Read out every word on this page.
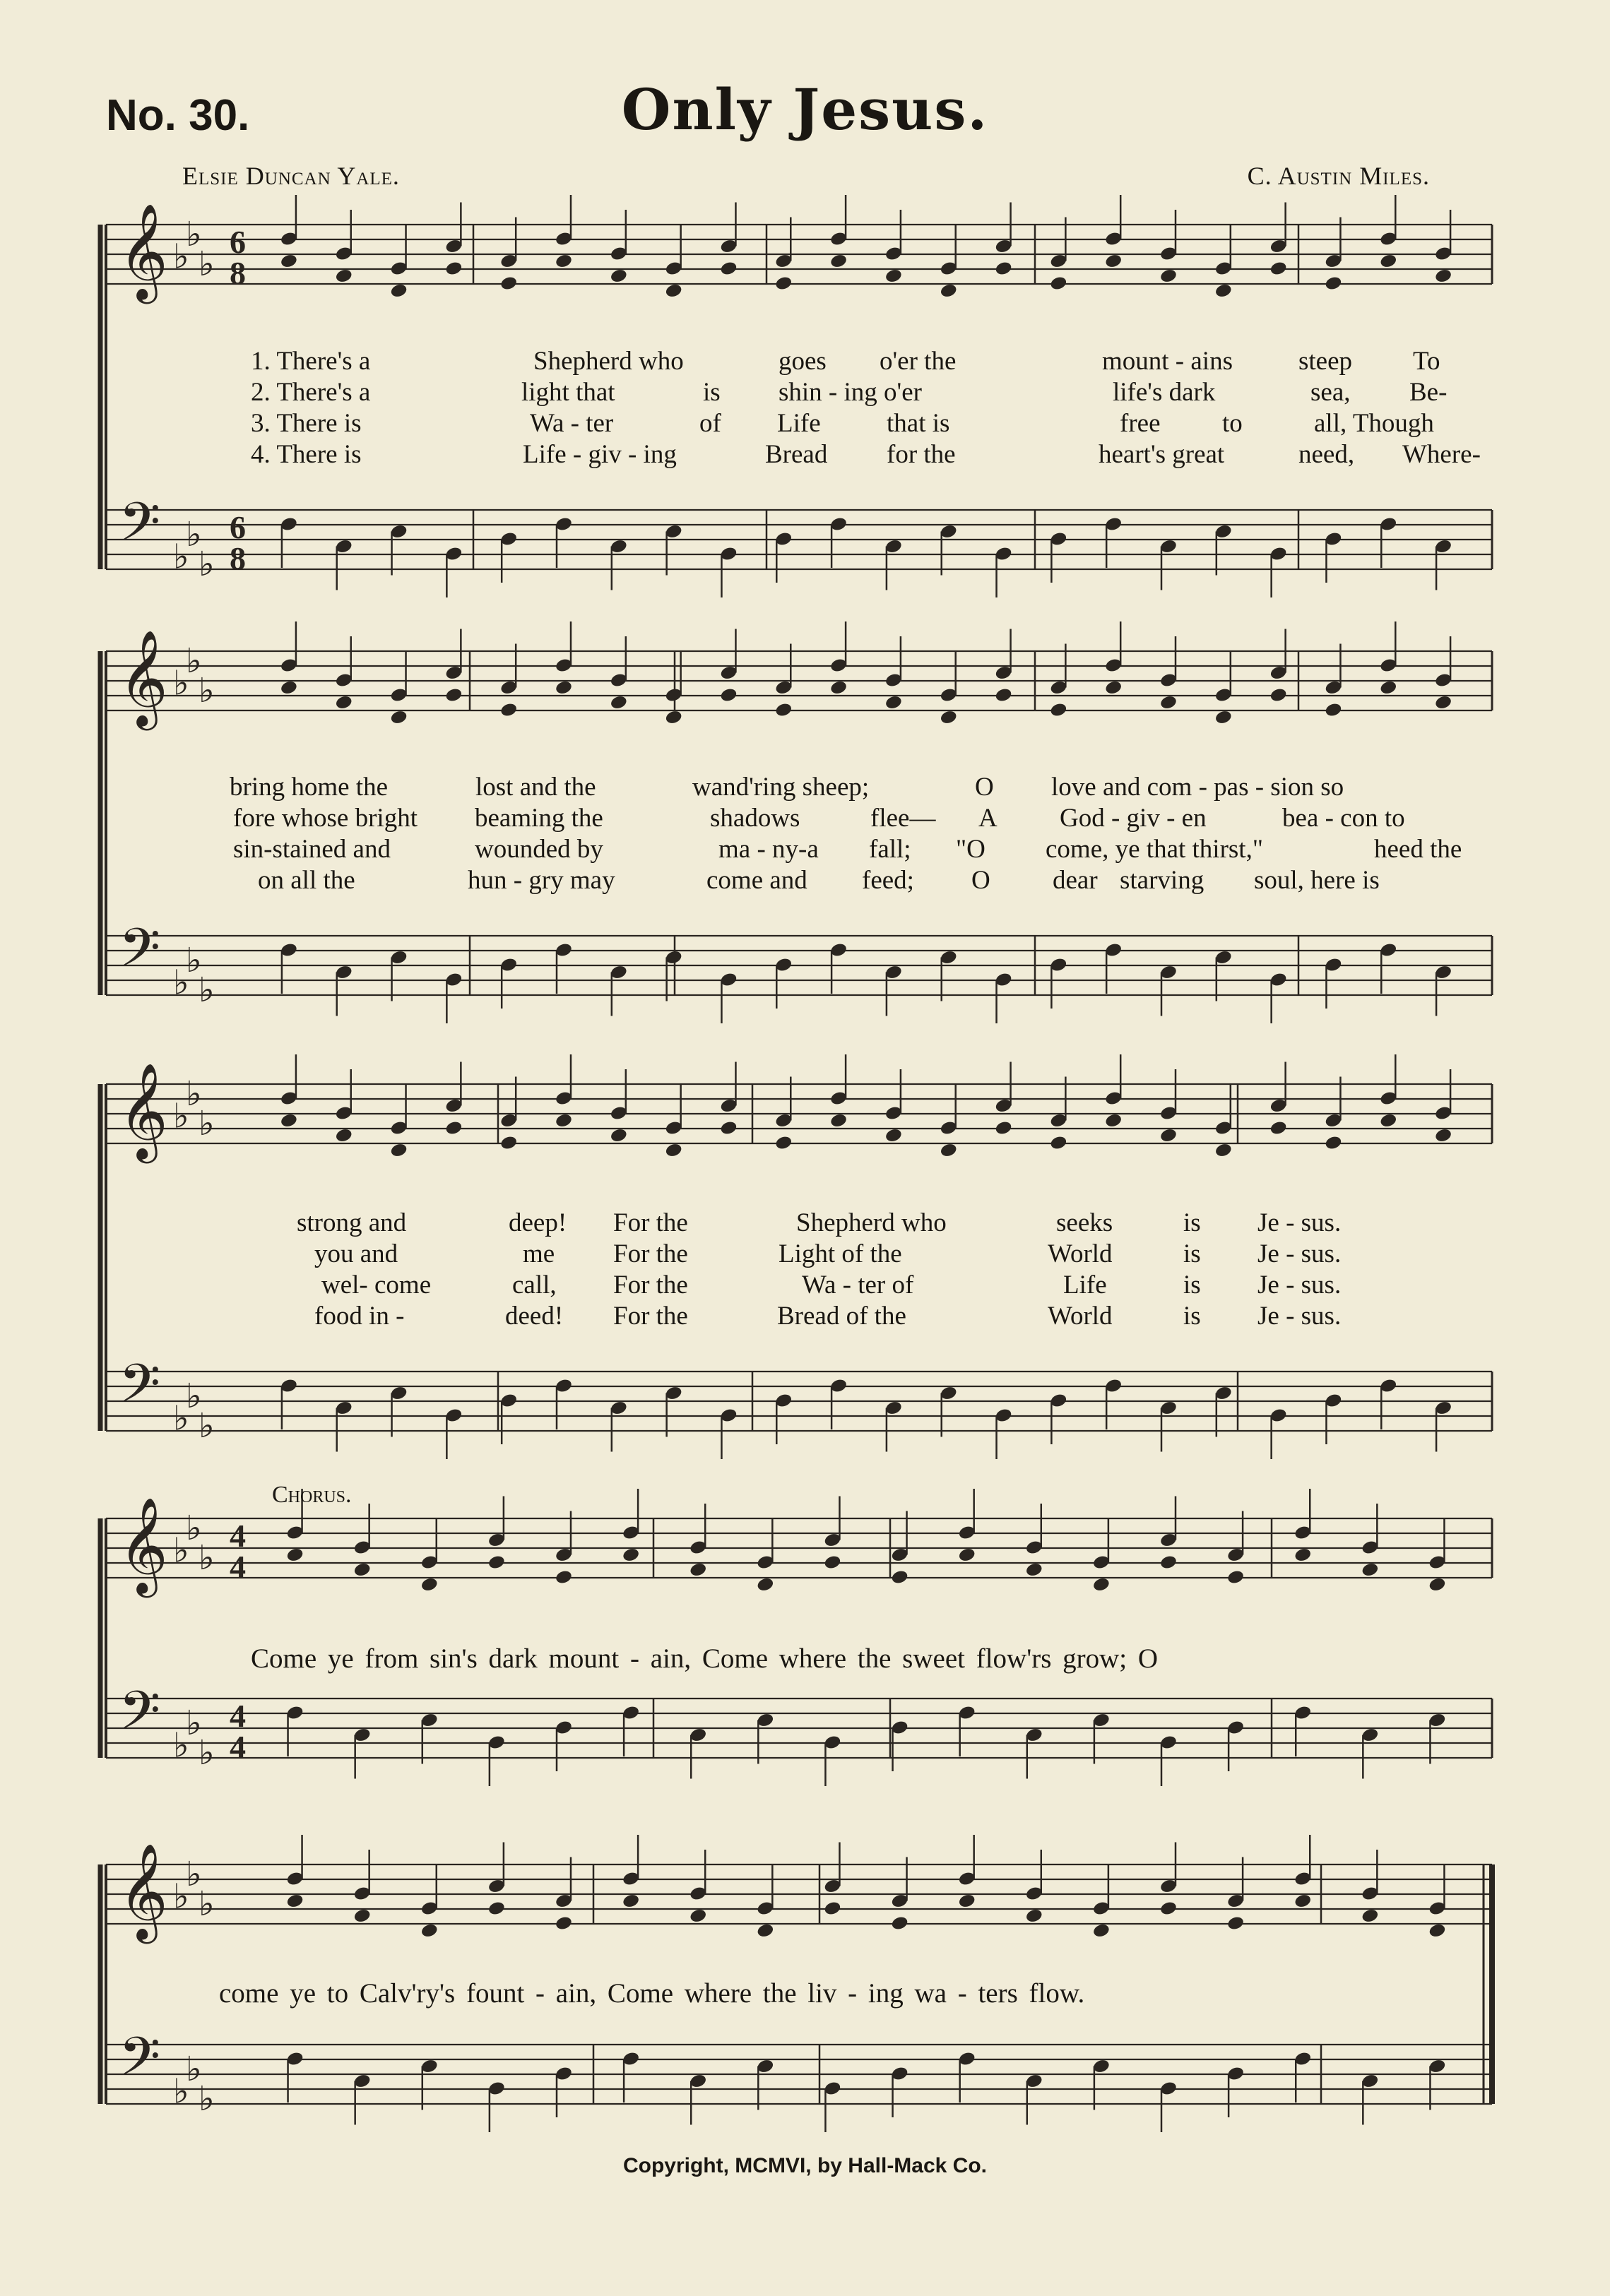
No. 30.	Only Jesus.
Elsie Duncan Yale.	C. Austin Miles.
𝄞
𝄢
♭
♭
♭
♭
♭
♭
𝄞
𝄢
♭
♭
♭
♭
♭
♭
𝄞
𝄢
♭
♭
♭
♭
♭
♭
𝄞
𝄢
♭
♭
♭
♭
♭
♭
𝄞
𝄢
♭
♭
♭
♭
♭
♭
6
8
6
8
4
4
4
4
1. There's a	Shepherd who	goes o'er the	mount - ains	steep To
2. There's a	light that	is shin - ing o'er	life's dark	sea, Be-
3. There is	Wa - ter	of Life	that is	free to	all, Though
4. There is	Life - giv - ing	Bread for the	heart's great	need, Where-
bring home the	lost and the	wand'ring sheep;	O love and com - pas - sion so
fore whose bright beaming the	shadows	flee— A God - giv - en	bea - con to
sin-stained and	wounded by	ma - ny-a fall; "O come, ye that thirst,"	heed the
on all the	hun - gry may	come and feed; O dear starving soul, here is
strong and	deep! For the	Shepherd who	seeks	is Je - sus.
you and	me For the	Light of the	World	is Je - sus.
wel- come	call, For the	Wa - ter of	Life	is Je - sus.
food in -	deed! For the	Bread of the	World	is Je - sus.
Chorus.
Come ye from sin's dark mount - ain, Come where the sweet flow'rs grow; O
come ye to Calv'ry's fount - ain, Come where the liv - ing wa - ters flow.
Copyright, MCMVI, by Hall-Mack Co.
